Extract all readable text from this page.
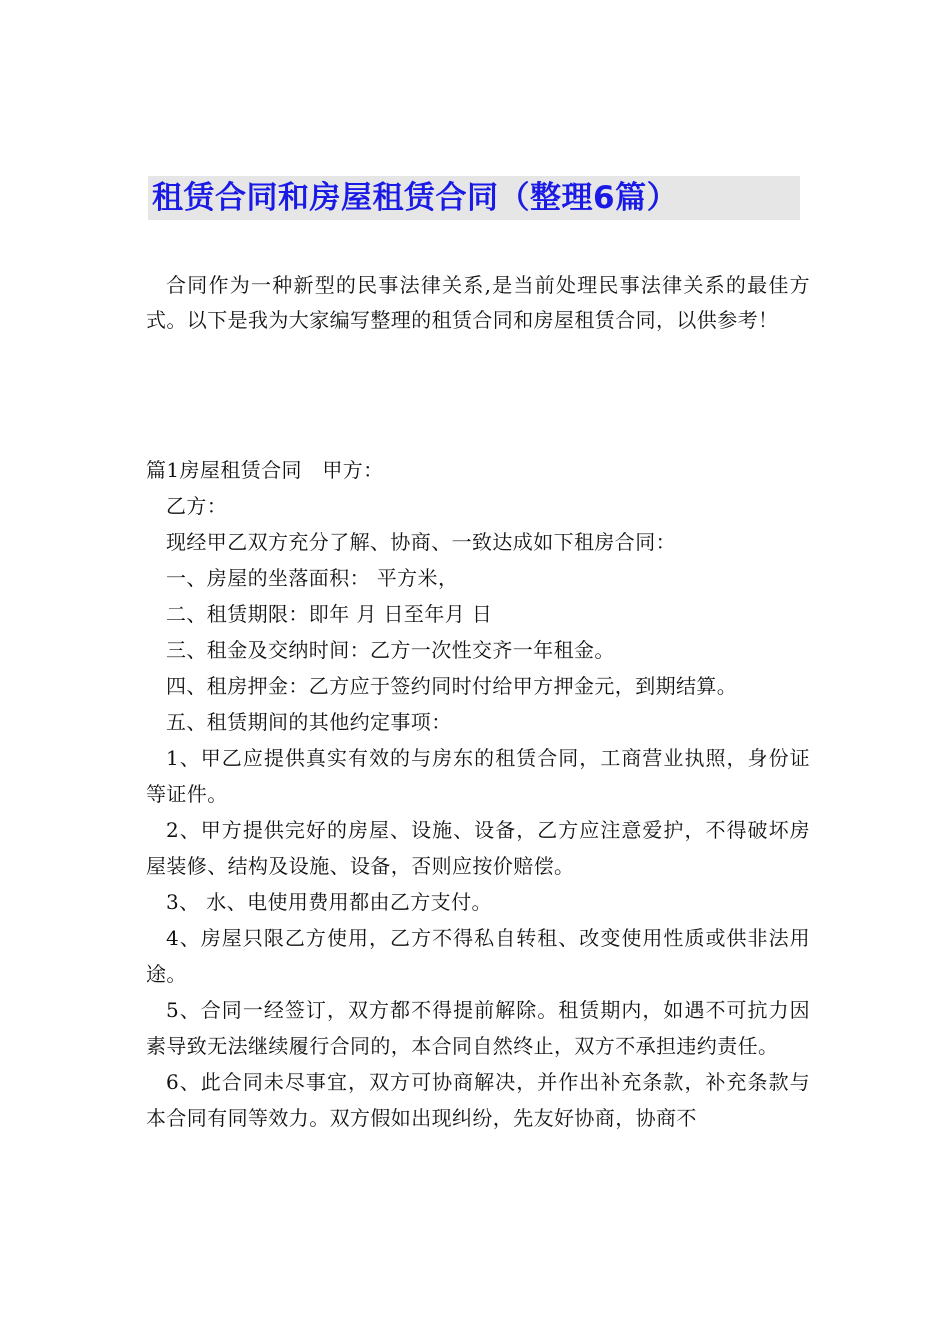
租赁合同和房屋租赁合同（整理6篇）

合同作为一种新型的民事法律关系,是当前处理民事法律关系的最佳方式。以下是我为大家编写整理的租赁合同和房屋租赁合同，以供参考！

篇1房屋租赁合同　甲方：
乙方：
现经甲乙双方充分了解、协商、一致达成如下租房合同：
一、房屋的坐落面积： 平方米，
二、租赁期限：即年 月 日至年月 日
三、租金及交纳时间：乙方一次性交齐一年租金。
四、租房押金：乙方应于签约同时付给甲方押金元，到期结算。
五、租赁期间的其他约定事项：
1、甲乙应提供真实有效的与房东的租赁合同，工商营业执照，身份证等证件。
2、甲方提供完好的房屋、设施、设备，乙方应注意爱护，不得破坏房屋装修、结构及设施、设备，否则应按价赔偿。
3、 水、电使用费用都由乙方支付。
4、房屋只限乙方使用，乙方不得私自转租、改变使用性质或供非法用途。
5、合同一经签订，双方都不得提前解除。租赁期内，如遇不可抗力因素导致无法继续履行合同的，本合同自然终止，双方不承担违约责任。
6、此合同未尽事宜，双方可协商解决，并作出补充条款，补充条款与本合同有同等效力。双方假如出现纠纷，先友好协商，协商不
